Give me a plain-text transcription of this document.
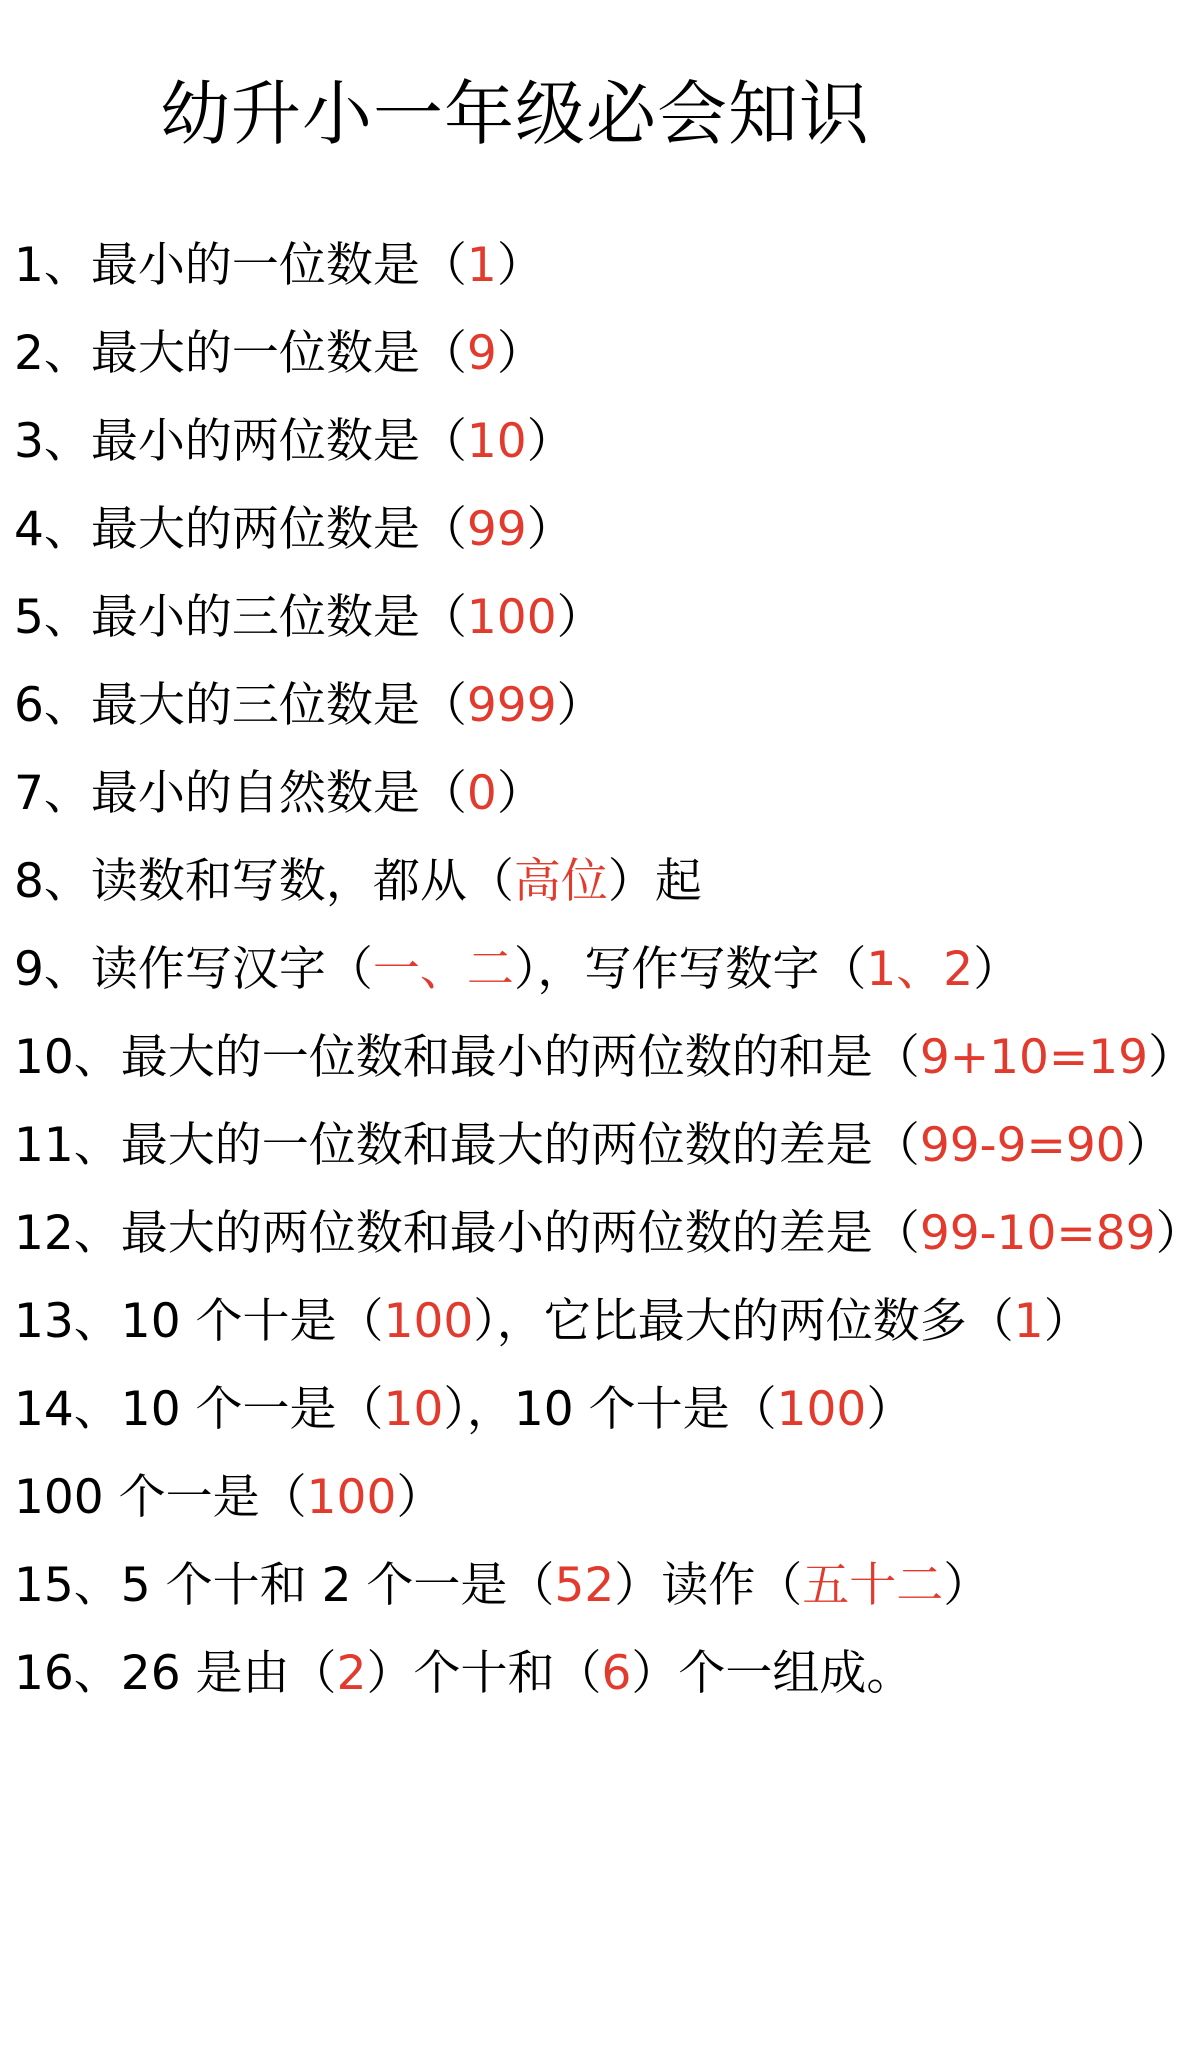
幼升小一年级必会知识
1、最小的一位数是（1）
2、最大的一位数是（9）
3、最小的两位数是（10）
4、最大的两位数是（99）
5、最小的三位数是（100）
6、最大的三位数是（999）
7、最小的自然数是（0）
8、读数和写数，都从（高位）起
9、读作写汉字（一、二），写作写数字（1、2）
10、最大的一位数和最小的两位数的和是（9+10=19）
11、最大的一位数和最大的两位数的差是（99-9=90）
12、最大的两位数和最小的两位数的差是（99-10=89）
13、10 个十是（100），它比最大的两位数多（1）
14、10 个一是（10），10 个十是（100）
100 个一是（100）
15、5 个十和 2 个一是（52）读作（五十二）
16、26 是由（2）个十和（6）个一组成。
